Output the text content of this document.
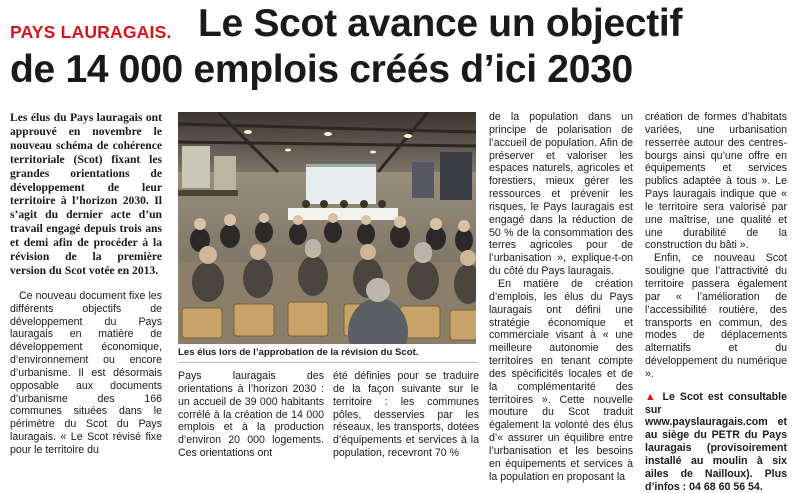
PAYS LAURAGAIS. Le Scot avance un objectif
de 14 000 emplois créés d’ici 2030

Les élus du Pays lauragais ont approuvé en novembre le nouveau schéma de cohérence territoriale (Scot) fixant les grandes orientations de développement de leur territoire à l’horizon 2030. Il s’agit du dernier acte d’un travail engagé depuis trois ans et demi afin de procéder à la révision de la première version du Scot votée en 2013.

Ce nouveau document fixe les différents objectifs de développement du Pays lauragais en matière de développement économique, d’environnement ou encore d’urbanisme. Il est désormais opposable aux documents d’urbanisme des 166 communes situées dans le périmètre du Scot du Pays lauragais. « Le Scot révisé fixe pour le territoire du

Les élus lors de l’approbation de la révision du Scot.

Pays lauragais des orientations à l’horizon 2030 : un accueil de 39 000 habitants corrélé à la création de 14 000 emplois et à la production d’environ 20 000 logements. Ces orientations ont

été définies pour se traduire de la façon suivante sur le territoire : les communes pôles, desservies par les réseaux, les transports, dotées d’équipements et services à la population, recevront 70 %

de la population dans un principe de polarisation de l’accueil de population. Afin de préserver et valoriser les espaces naturels, agricoles et forestiers, mieux gérer les ressources et prévenir les risques, le Pays lauragais est engagé dans la réduction de 50 % de la consommation des terres agricoles pour de l’urbanisation », explique-t-on du côté du Pays lauragais.

En matière de création d’emplois, les élus du Pays lauragais ont défini une stratégie économique et commerciale visant à « une meilleure autonomie des territoires en tenant compte des spécificités locales et de la complémentarité des territoires ». Cette nouvelle mouture du Scot traduit également la volonté des élus d’« assurer un équilibre entre l’urbanisation et les besoins en équipements et services à la population en proposant la

création de formes d’habitats variées, une urbanisation resserrée autour des centres-bourgs ainsi qu’une offre en équipements et services publics adaptée à tous ». Le Pays lauragais indique que « le territoire sera valorisé par une maîtrise, une qualité et une durabilité de la construction du bâti ».

Enfin, ce nouveau Scot souligne que l’attractivité du territoire passera également par « l’amélioration de l’accessibilité routière, des transports en commun, des modes de déplacements alternatifs et du développement du numérique ».

▲ Le Scot est consultable sur www.payslauragais.com et au siège du PETR du Pays lauragais (provisoirement installé au moulin à six ailes de Nailloux). Plus d’infos : 04 68 60 56 54.
